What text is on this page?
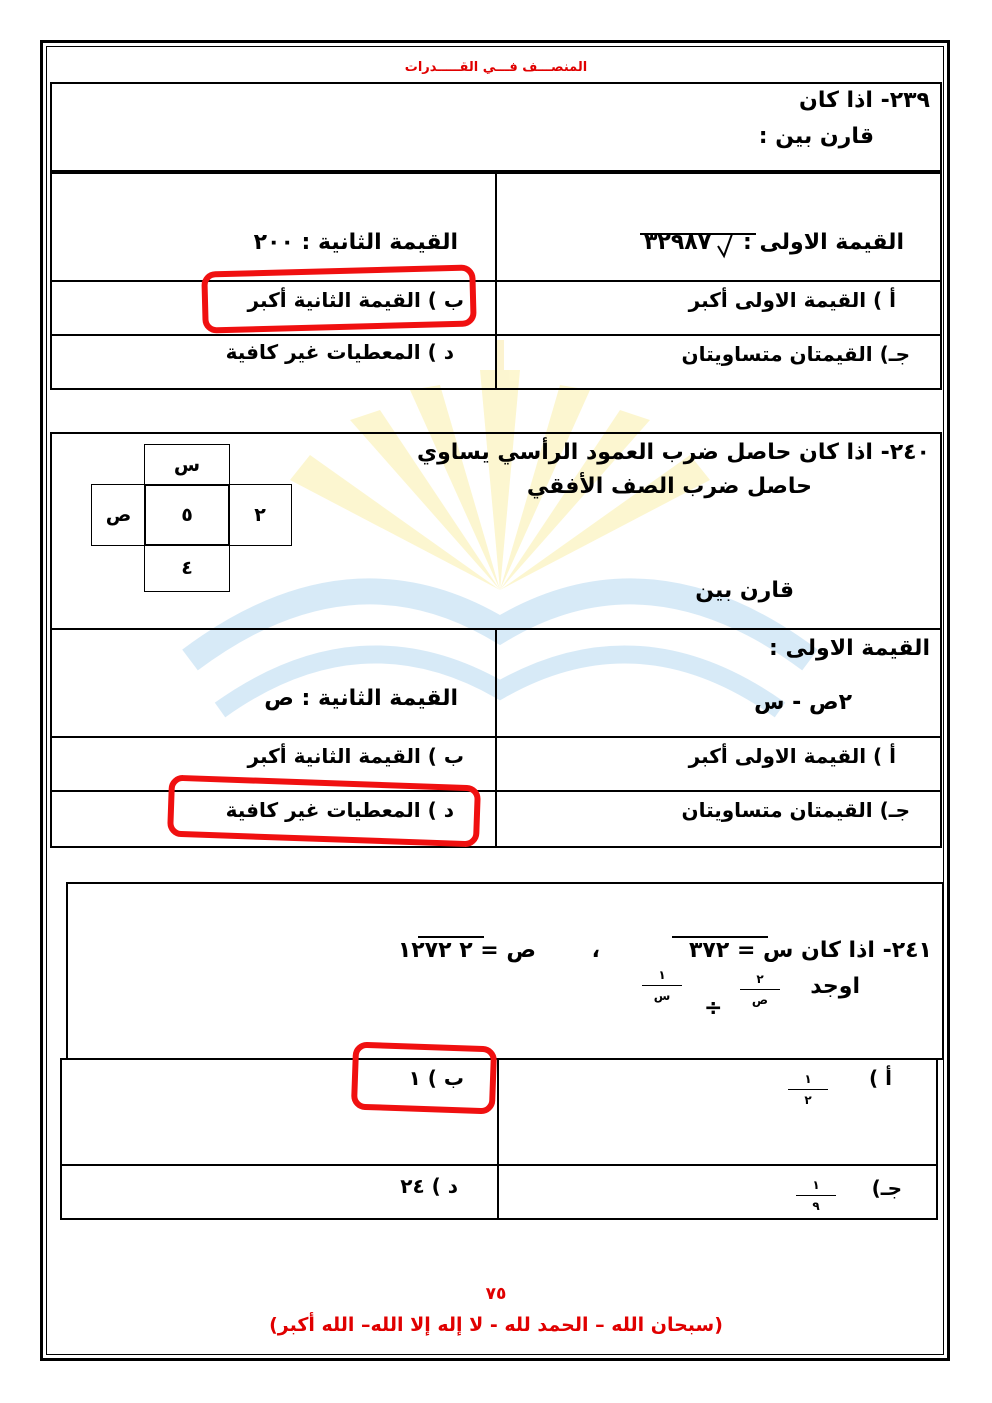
المنصـــف فـــي القـــــدرات
٢٣٩- اذا كان
قارن بين :
القيمة الاولى :
٣٢٩٨٧
القيمة الثانية : ٢٠٠
أ ) القيمة الاولى أكبر
ب ) القيمة الثانية أكبر
جـ) القيمتان متساويتان
د ) المعطيات غير كافية
٢٤٠- اذا كان حاصل ضرب العمود الرأسي يساوي
حاصل ضرب الصف الأفقي
قارن بين
س
ص	٥	٢
٤
القيمة الاولى :
٢ص - س
القيمة الثانية : ص
أ ) القيمة الاولى أكبر
ب ) القيمة الثانية أكبر
جـ) القيمتان متساويتان
د ) المعطيات غير كافية
٢٤١- اذا كان س = ٣٧٢
،
ص = ٢ ١٢٧٢
اوجد
٢
ص
÷
١
س
أ )
١
٢
ب ) ١
جـ)
١
٩
د ) ٢٤
٧٥
(سبحان الله – الحمد لله - لا إله إلا الله– الله أكبر)
